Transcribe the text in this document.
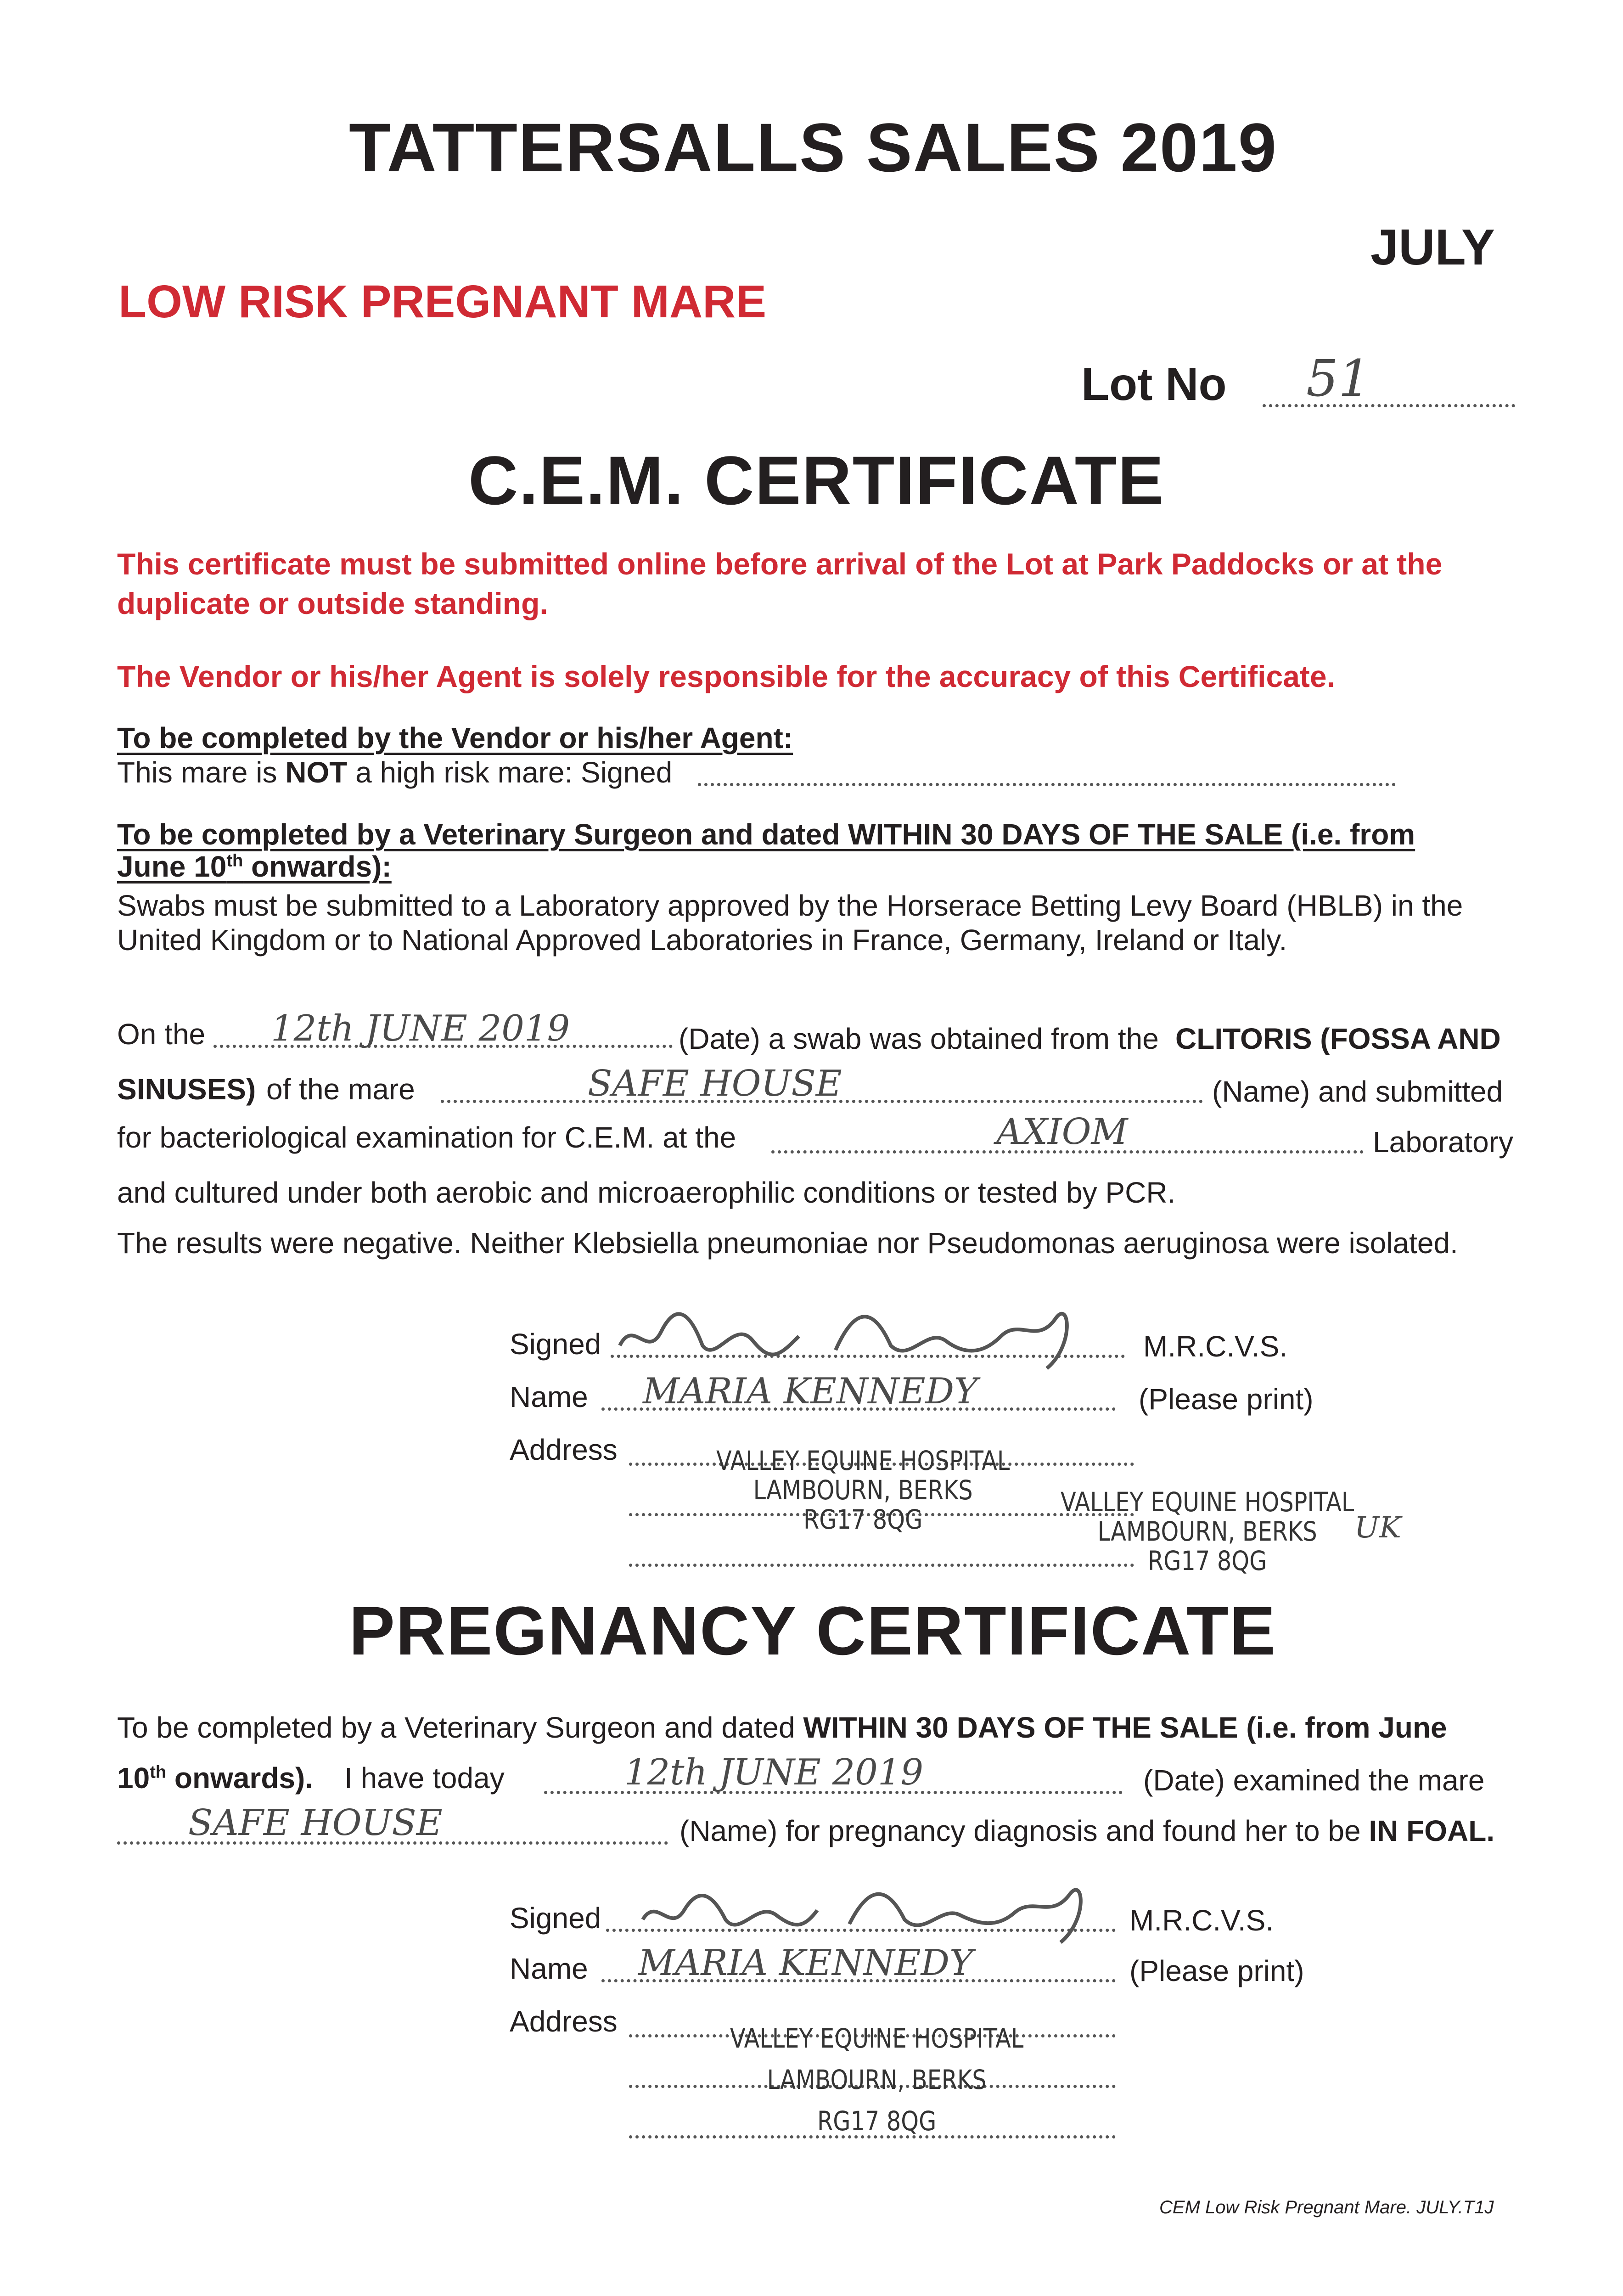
TATTERSALLS SALES 2019
JULY
LOW RISK PREGNANT MARE
Lot No 51
C.E.M. CERTIFICATE
This certificate must be submitted online before arrival of the Lot at Park Paddocks or at the duplicate or outside standing.
The Vendor or his/her Agent is solely responsible for the accuracy of this Certificate.
To be completed by the Vendor or his/her Agent:
This mare is NOT a high risk mare: Signed
To be completed by a Veterinary Surgeon and dated WITHIN 30 DAYS OF THE SALE (i.e. from
June 10th onwards):
Swabs must be submitted to a Laboratory approved by the Horserace Betting Levy Board (HBLB) in the
United Kingdom or to National Approved Laboratories in France, Germany, Ireland or Italy.
On the 12th JUNE 2019	(Date) a swab was obtained from the CLITORIS (FOSSA AND
SINUSES) of the mare	SAFE HOUSE	(Name) and submitted
for bacteriological examination for C.E.M. at the	AXIOM	Laboratory
and cultured under both aerobic and microaerophilic conditions or tested by PCR.
The results were negative. Neither Klebsiella pneumoniae nor Pseudomonas aeruginosa were isolated.
Signed	M.R.C.V.S.
Name MARIA KENNEDY	(Please print)
Address	VALLEY EQUINE HOSPITAL
LAMBOURN, BERKS
RG17 8QG
VALLEY EQUINE HOSPITAL
LAMBOURN, BERKS
RG17 8QG
UK
PREGNANCY CERTIFICATE
To be completed by a Veterinary Surgeon and dated WITHIN 30 DAYS OF THE SALE (i.e. from June
10th onwards). I have today	12th JUNE 2019	(Date) examined the mare
SAFE HOUSE	(Name) for pregnancy diagnosis and found her to be IN FOAL.
Signed	M.R.C.V.S.
Name MARIA KENNEDY	(Please print)
Address
VALLEY EQUINE HOSPITAL
LAMBOURN, BERKS
RG17 8QG
CEM Low Risk Pregnant Mare. JULY.T1J
